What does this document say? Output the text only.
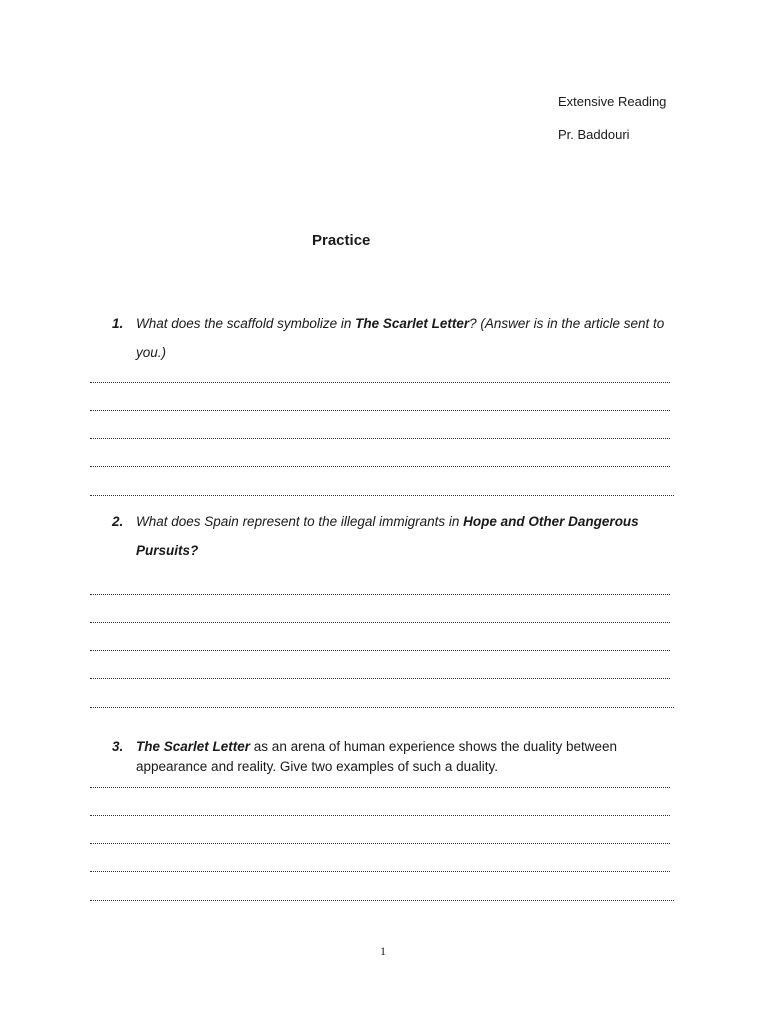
Extensive Reading
Pr. Baddouri
Practice
1. What does the scaffold symbolize in The Scarlet Letter? (Answer is in the article sent to
you.)
2. What does Spain represent to the illegal immigrants in Hope and Other Dangerous
Pursuits?
3. The Scarlet Letter as an arena of human experience shows the duality between
appearance and reality. Give two examples of such a duality.
1
